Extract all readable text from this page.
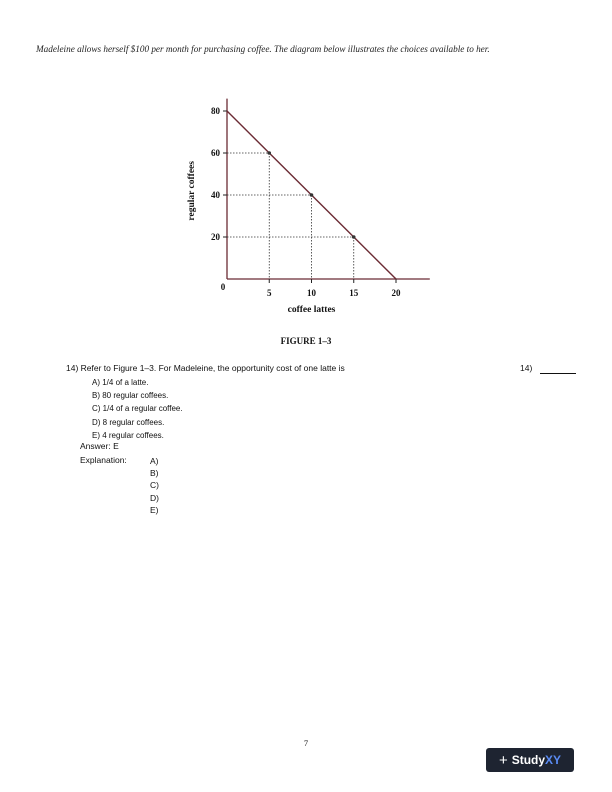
Madeleine allows herself $100 per month for purchasing coffee. The diagram below illustrates the choices available to her.
20
40
60
80
5	10	15	20
0
coffee lattes
regular coffees
FIGURE 1–3
14) Refer to Figure 1–3. For Madeleine, the opportunity cost of one latte is	14)
A) 1/4 of a latte.
B) 80 regular coffees.
C) 1/4 of a regular coffee.
D) 8 regular coffees.
E) 4 regular coffees.
Answer: E
Explanation:	A)
B)
C)
D)
E)
7
+ StudyXY
